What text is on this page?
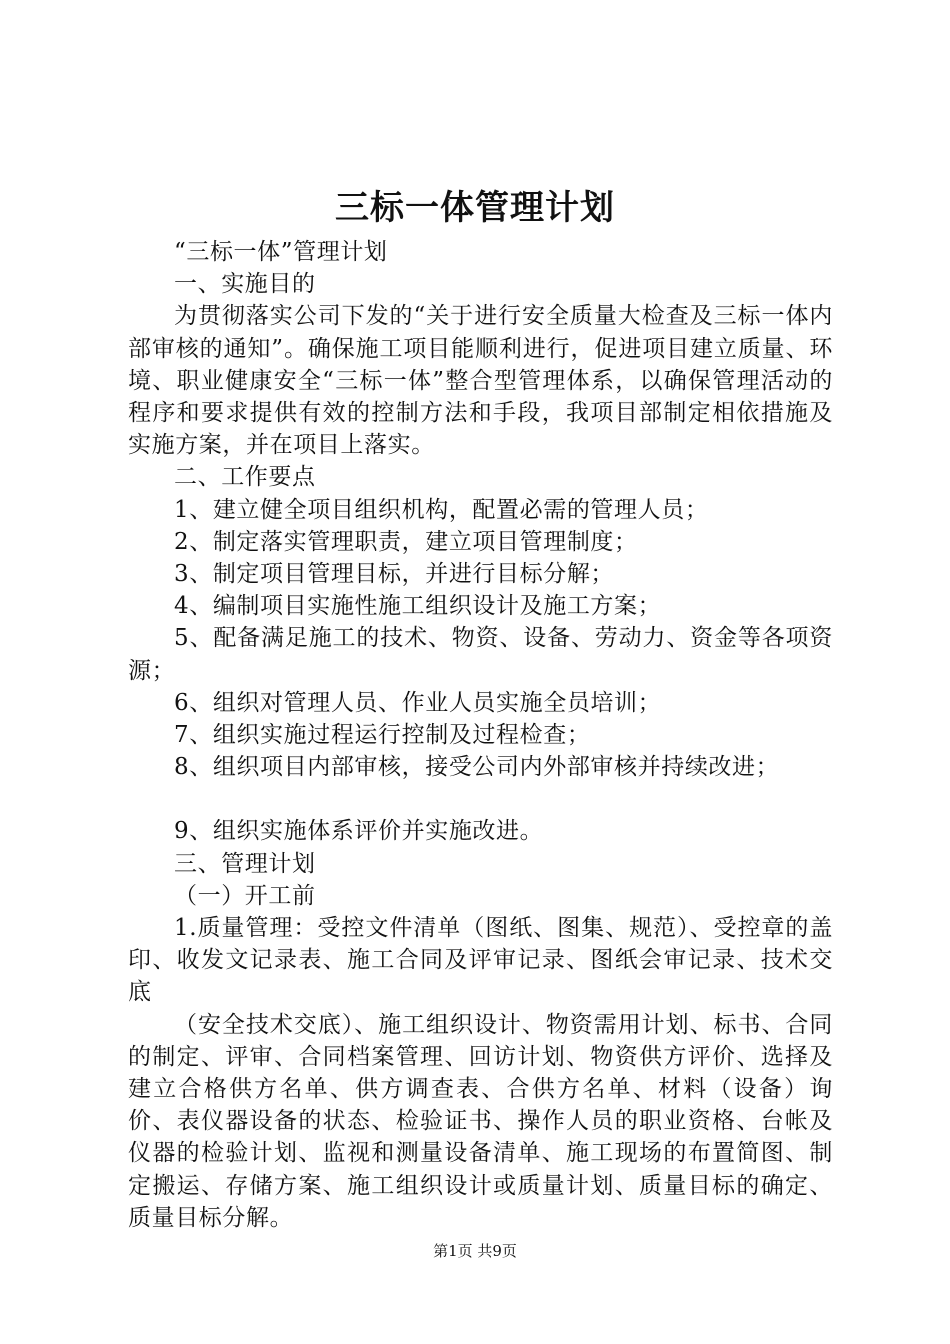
三标一体管理计划

“三标一体”管理计划

一、实施目的

为贯彻落实公司下发的“关于进行安全质量大检查及三标一体内部审核的通知”。确保施工项目能顺利进行，促进项目建立质量、环境、职业健康安全“三标一体”整合型管理体系，以确保管理活动的程序和要求提供有效的控制方法和手段，我项目部制定相依措施及实施方案，并在项目上落实。

二、工作要点

1、建立健全项目组织机构，配置必需的管理人员；

2、制定落实管理职责，建立项目管理制度；

3、制定项目管理目标，并进行目标分解；

4、编制项目实施性施工组织设计及施工方案；

5、配备满足施工的技术、物资、设备、劳动力、资金等各项资源；

6、组织对管理人员、作业人员实施全员培训；

7、组织实施过程运行控制及过程检查；

8、组织项目内部审核，接受公司内外部审核并持续改进；

9、组织实施体系评价并实施改进。

三、管理计划

（一）开工前

1.质量管理：受控文件清单（图纸、图集、规范）、受控章的盖印、收发文记录表、施工合同及评审记录、图纸会审记录、技术交底

（安全技术交底）、施工组织设计、物资需用计划、标书、合同的制定、评审、合同档案管理、回访计划、物资供方评价、选择及建立合格供方名单、供方调查表、合供方名单、材料（设备）询价、表仪器设备的状态、检验证书、操作人员的职业资格、台帐及仪器的检验计划、监视和测量设备清单、施工现场的布置简图、制定搬运、存储方案、施工组织设计或质量计划、质量目标的确定、质量目标分解。

第1页 共9页
